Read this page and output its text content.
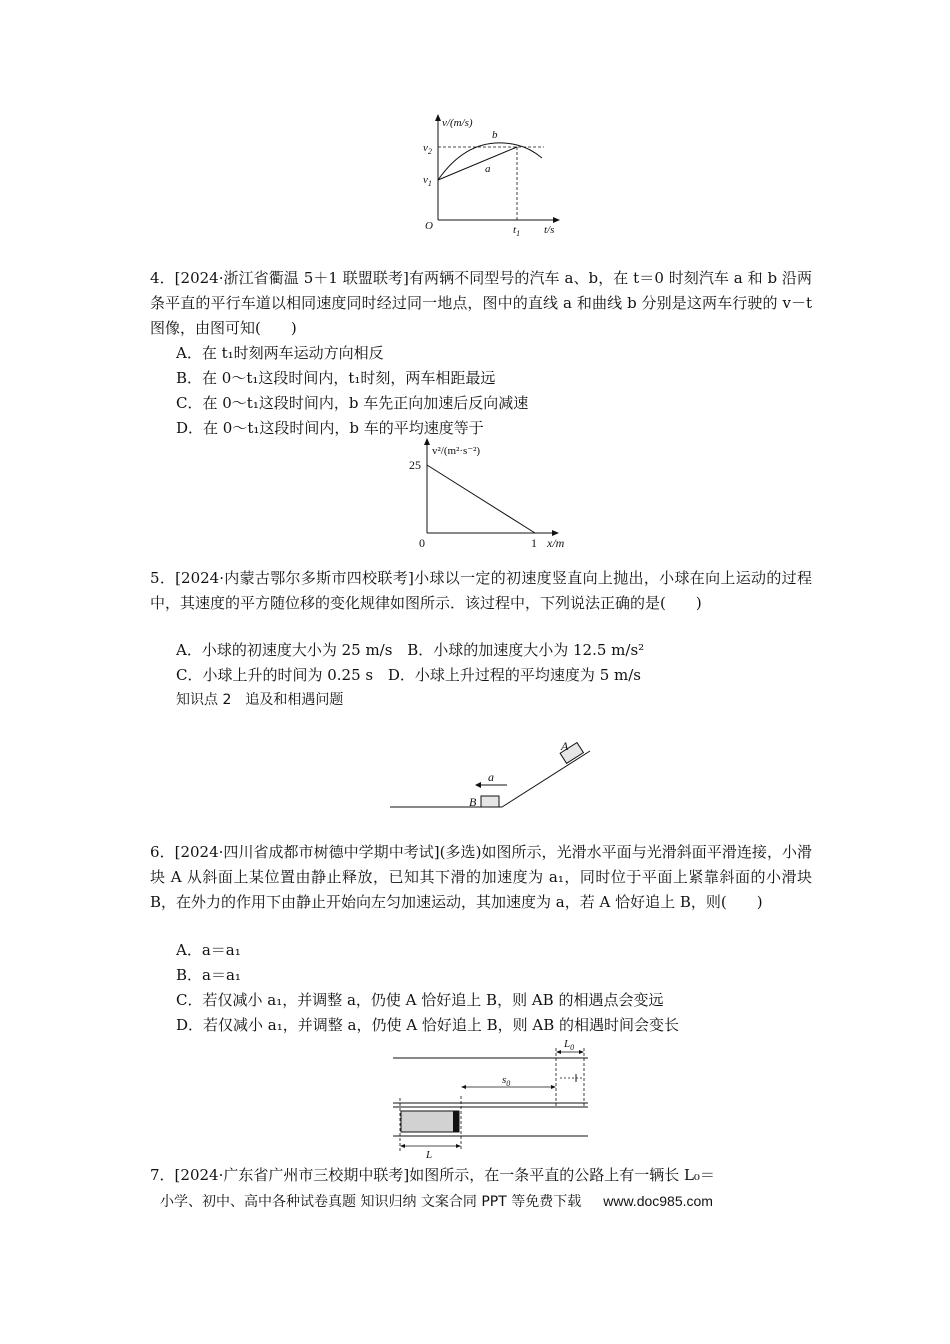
v/(m/s)
$v_2$
$v_1$
O	$t_1$ t/s
b
a
4．[2024·浙江省衢温 5＋1 联盟联考]有两辆不同型号的汽车 a、b，在 t＝0 时刻汽车 a 和 b 沿两条平直的平行车道以相同速度同时经过同一地点，图中的直线 a 和曲线 b 分别是这两车行驶的 v－t 图像，由图可知(　　)
A．在 t₁时刻两车运动方向相反
B．在 0～t₁这段时间内，t₁时刻，两车相距最远
C．在 0～t₁这段时间内，b 车先正向加速后反向减速
D．在 0～t₁这段时间内，b 车的平均速度等于
v²/(m²·s⁻²)
25
0	1 x/m
5．[2024·内蒙古鄂尔多斯市四校联考]小球以一定的初速度竖直向上抛出，小球在向上运动的过程中，其速度的平方随位移的变化规律如图所示．该过程中，下列说法正确的是(　　)
A．小球的初速度大小为 25 m/s B．小球的加速度大小为 12.5 m/s²
C．小球上升的时间为 0.25 s D．小球上升过程的平均速度为 5 m/s
知识点 2　追及和相遇问题
a
B
A
6．[2024·四川省成都市树德中学期中考试](多选)如图所示，光滑水平面与光滑斜面平滑连接，小滑块 A 从斜面上某位置由静止释放，已知其下滑的加速度为 a₁，同时位于平面上紧靠斜面的小滑块 B，在外力的作用下由静止开始向左匀加速运动，其加速度为 a，若 A 恰好追上 B，则(　　)
A．a＝a₁
B．a＝a₁
C．若仅减小 a₁，并调整 a，仍使 A 恰好追上 B，则 AB 的相遇点会变远
D．若仅减小 a₁，并调整 a，仍使 A 恰好追上 B，则 AB 的相遇时间会变长
L
$s_0$
$L_0$
7．[2024·广东省广州市三校期中联考]如图所示，在一条平直的公路上有一辆长 L₀＝
小学、初中、高中各种试卷真题 知识归纳 文案合同 PPT 等免费下载 www.doc985.com
